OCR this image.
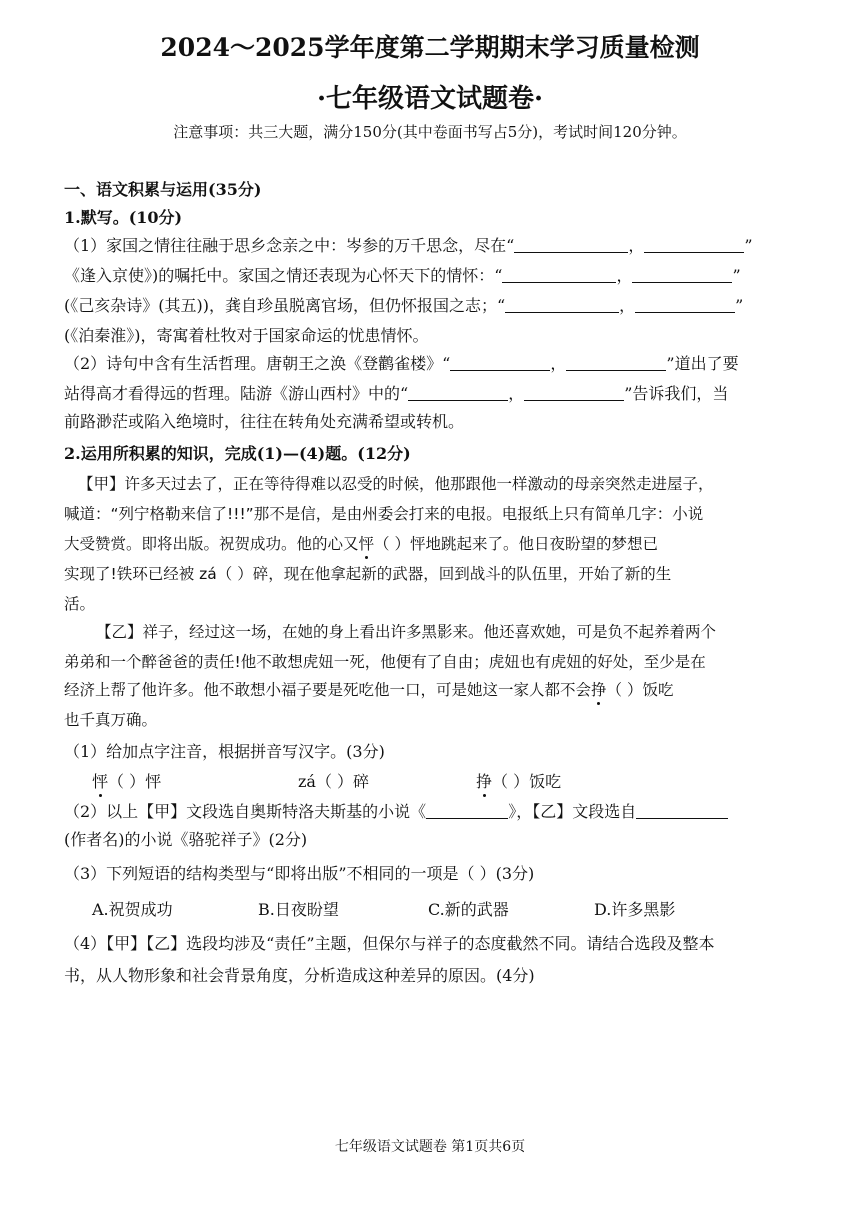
2024～2025学年度第二学期期末学习质量检测
·七年级语文试题卷·
注意事项：共三大题，满分150分(其中卷面书写占5分)，考试时间120分钟。
一、语文积累与运用(35分)
1.默写。(10分)
（1）家国之情往往融于思乡念亲之中：岑参的万千思念，尽在“	，	”
《逢入京使》)的嘱托中。家国之情还表现为心怀天下的情怀：“	，	”
(《己亥杂诗》(其五))，龚自珍虽脱离官场，但仍怀报国之志；“	，	”
(《泊秦淮》)，寄寓着杜牧对于国家命运的忧患情怀。
（2）诗句中含有生活哲理。唐朝王之涣《登鹳雀楼》“	，	”道出了要
站得高才看得远的哲理。陆游《游山西村》中的“	，	”告诉我们，当
前路渺茫或陷入绝境时，往往在转角处充满希望或转机。
2.运用所积累的知识，完成(1)—(4)题。(12分)
【甲】许多天过去了，正在等待得难以忍受的时候，他那跟他一样激动的母亲突然走进屋子，
喊道：“列宁格勒来信了!!!”那不是信，是由州委会打来的电报。电报纸上只有简单几字：小说
大受赞赏。即将出版。祝贺成功。他的心又怦（ ）怦地跳起来了。他日夜盼望的梦想已
实现了!铁环已经被 zá（ ）碎，现在他拿起新的武器，回到战斗的队伍里，开始了新的生
活。
【乙】祥子，经过这一场，在她的身上看出许多黑影来。他还喜欢她，可是负不起养着两个
弟弟和一个醉爸爸的责任!他不敢想虎妞一死，他便有了自由；虎妞也有虎妞的好处，至少是在
经济上帮了他许多。他不敢想小福子要是死吃他一口，可是她这一家人都不会挣（ ）饭吃
也千真万确。
（1）给加点字注音，根据拼音写汉字。(3分)
怦（ ）怦	zá（ ）碎	挣（ ）饭吃
（2）以上【甲】文段选自奥斯特洛夫斯基的小说《	》，【乙】文段选自
(作者名)的小说《骆驼祥子》(2分)
（3）下列短语的结构类型与“即将出版”不相同的一项是（ ）(3分)
A.祝贺成功	B.日夜盼望	C.新的武器	D.许多黑影
（4）【甲】【乙】选段均涉及“责任”主题，但保尔与祥子的态度截然不同。请结合选段及整本
书，从人物形象和社会背景角度，分析造成这种差异的原因。(4分)
七年级语文试题卷 第1页共6页
